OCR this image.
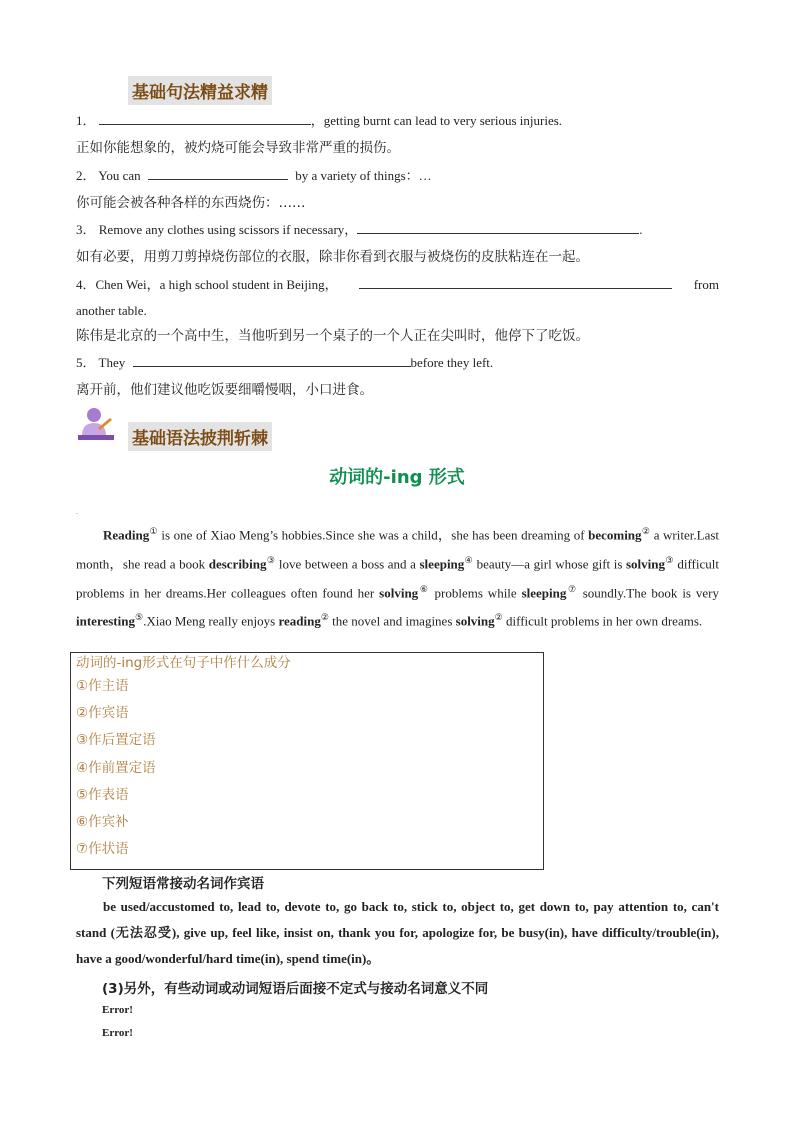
基础句法精益求精
1．	，getting burnt can lead to very serious injuries.
正如你能想象的，被灼烧可能会导致非常严重的损伤。
2． You can	by a variety of things：…
你可能会被各种各样的东西烧伤：……
3． Remove any clothes using scissors if necessary，	.
如有必要，用剪刀剪掉烧伤部位的衣服，除非你看到衣服与被烧伤的皮肤粘连在一起。
4．Chen Wei，a high school student in Beijing，	from
another table.
陈伟是北京的一个高中生，当他听到另一个桌子的一个人正在尖叫时，他停下了吃饭。
5． They	before they left.
离开前，他们建议他吃饭要细嚼慢咽，小口进食。
基础语法披荆斩棘
动词的-ing 形式
.
Reading① is one of Xiao Meng’s hobbies.Since she was a child，she has been dreaming of becoming② a writer.Last month，she read a book describing③ love between a boss and a sleeping④ beauty—a girl whose gift is solving③ difficult problems in her dreams.Her colleagues often found her solving⑥ problems while sleeping⑦ soundly.The book is very interesting⑤.Xiao Meng really enjoys reading② the novel and imagines solving② difficult problems in her own dreams.
动词的-ing形式在句子中作什么成分
①作主语
②作宾语
③作后置定语
④作前置定语
⑤作表语
⑥作宾补
⑦作状语
下列短语常接动名词作宾语
be used/accustomed to, lead to, devote to, go back to, stick to, object to, get down to, pay attention to, can't stand (无法忍受), give up, feel like, insist on, thank you for, apologize for, be busy(in), have difficulty/trouble(in), have a good/wonderful/hard time(in), spend time(in)。
(3)另外，有些动词或动词短语后面接不定式与接动名词意义不同
Error!
Error!
